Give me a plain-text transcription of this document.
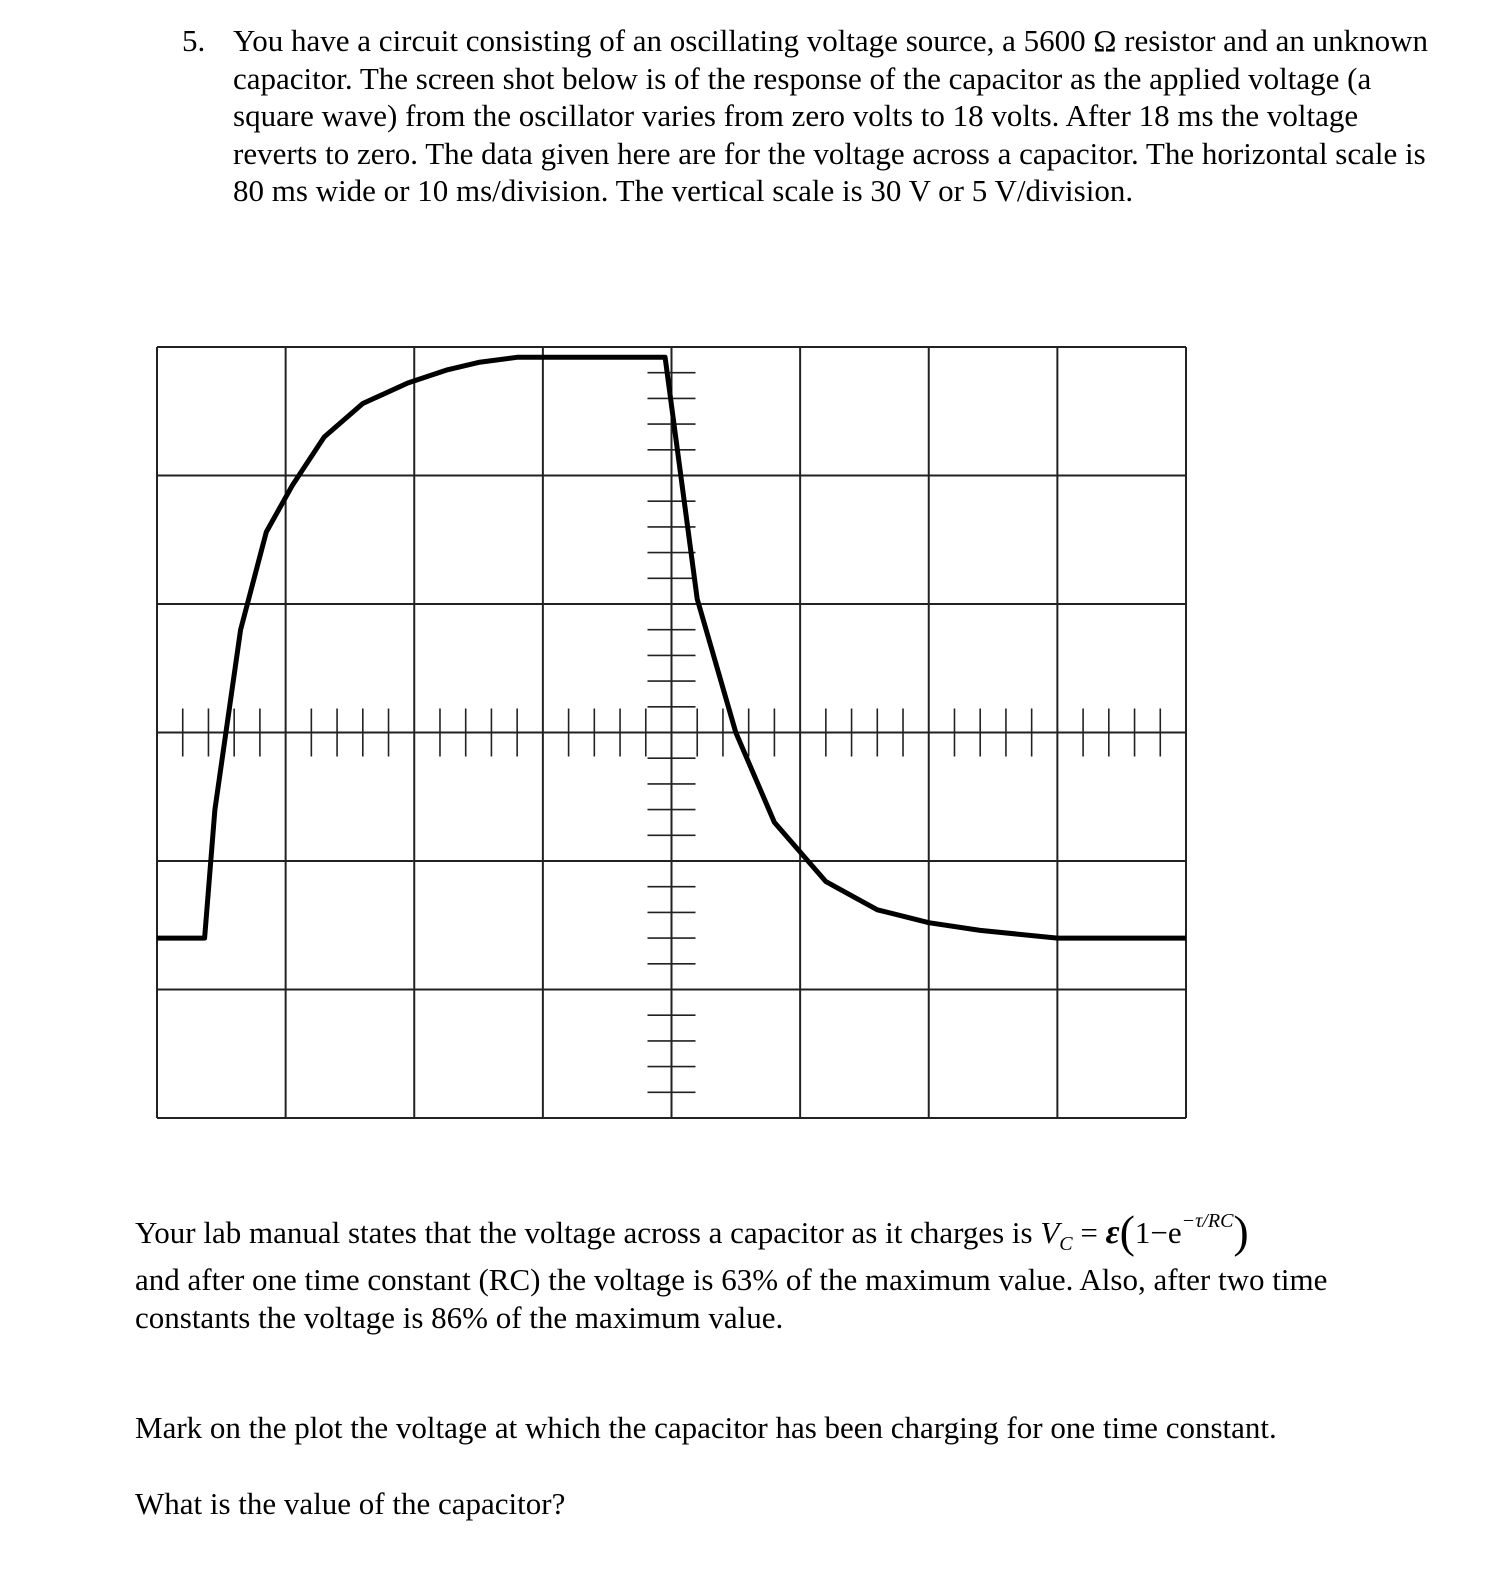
5. You have a circuit consisting of an oscillating voltage source, a 5600 Ω resistor and an unknown capacitor. The screen shot below is of the response of the capacitor as the applied voltage (a square wave) from the oscillator varies from zero volts to 18 volts. After 18 ms the voltage reverts to zero. The data given here are for the voltage across a capacitor. The horizontal scale is 80 ms wide or 10 ms/division. The vertical scale is 30 V or 5 V/division.
Your lab manual states that the voltage across a capacitor as it charges is $V_C = \varepsilon(1-e^{-\tau/RC})$
and after one time constant (RC) the voltage is 63% of the maximum value. Also, after two time constants the voltage is 86% of the maximum value.
Mark on the plot the voltage at which the capacitor has been charging for one time constant.
What is the value of the capacitor?
